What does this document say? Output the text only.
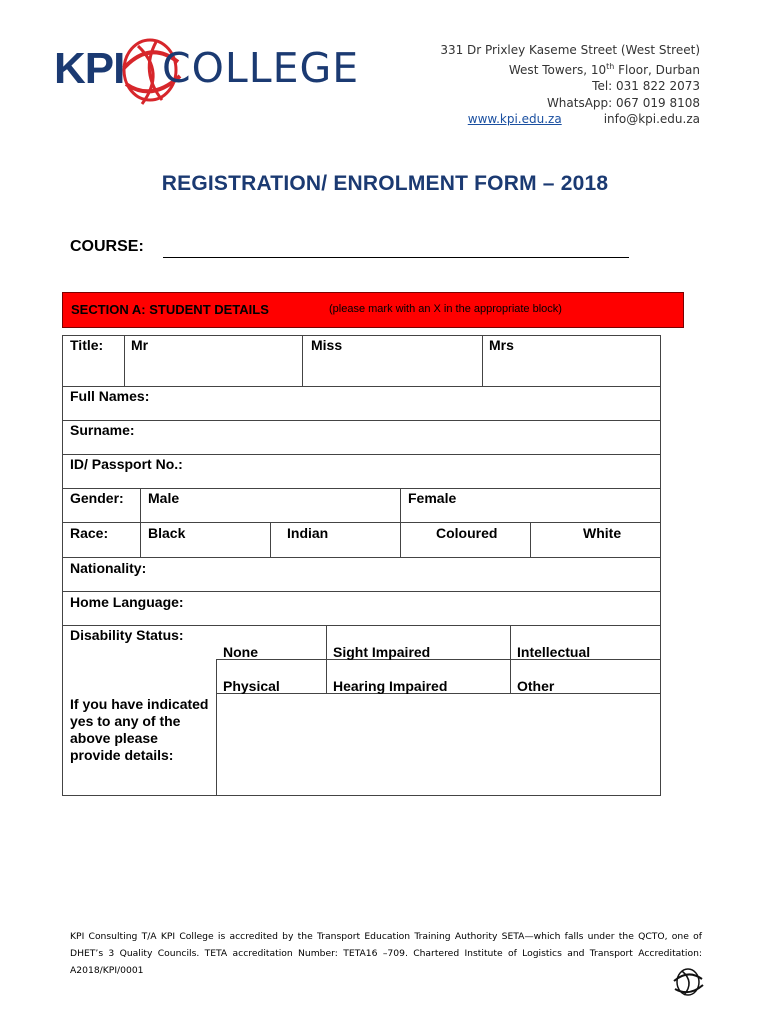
KPI COLLEGE	331 Dr Prixley Kaseme Street (West Street)
West Towers, 10th Floor, Durban
Tel: 031 822 2073
WhatsApp: 067 019 8108
www.kpi.edu.za	info@kpi.edu.za
REGISTRATION/ ENROLMENT FORM – 2018
COURSE:
SECTION A: STUDENT DETAILS	(please mark with an X in the appropriate block)
Title: Mr	Miss	Mrs
Full Names:
Surname:
ID/ Passport No.:
Gender: Male	Female
Race:	Black	Indian	Coloured	White
Nationality:
Home Language:
Disability Status:
None	Sight Impaired	Intellectual
Physical	Hearing Impaired	Other
If you have indicated yes to any of the above please provide details:
KPI Consulting T/A KPI College is accredited by the Transport Education Training Authority SETA—which falls under the QCTO, one of DHET’s 3 Quality Councils. TETA accreditation Number: TETA16 –709. Chartered Institute of Logistics and Transport Accreditation: A2018/KPI/0001
